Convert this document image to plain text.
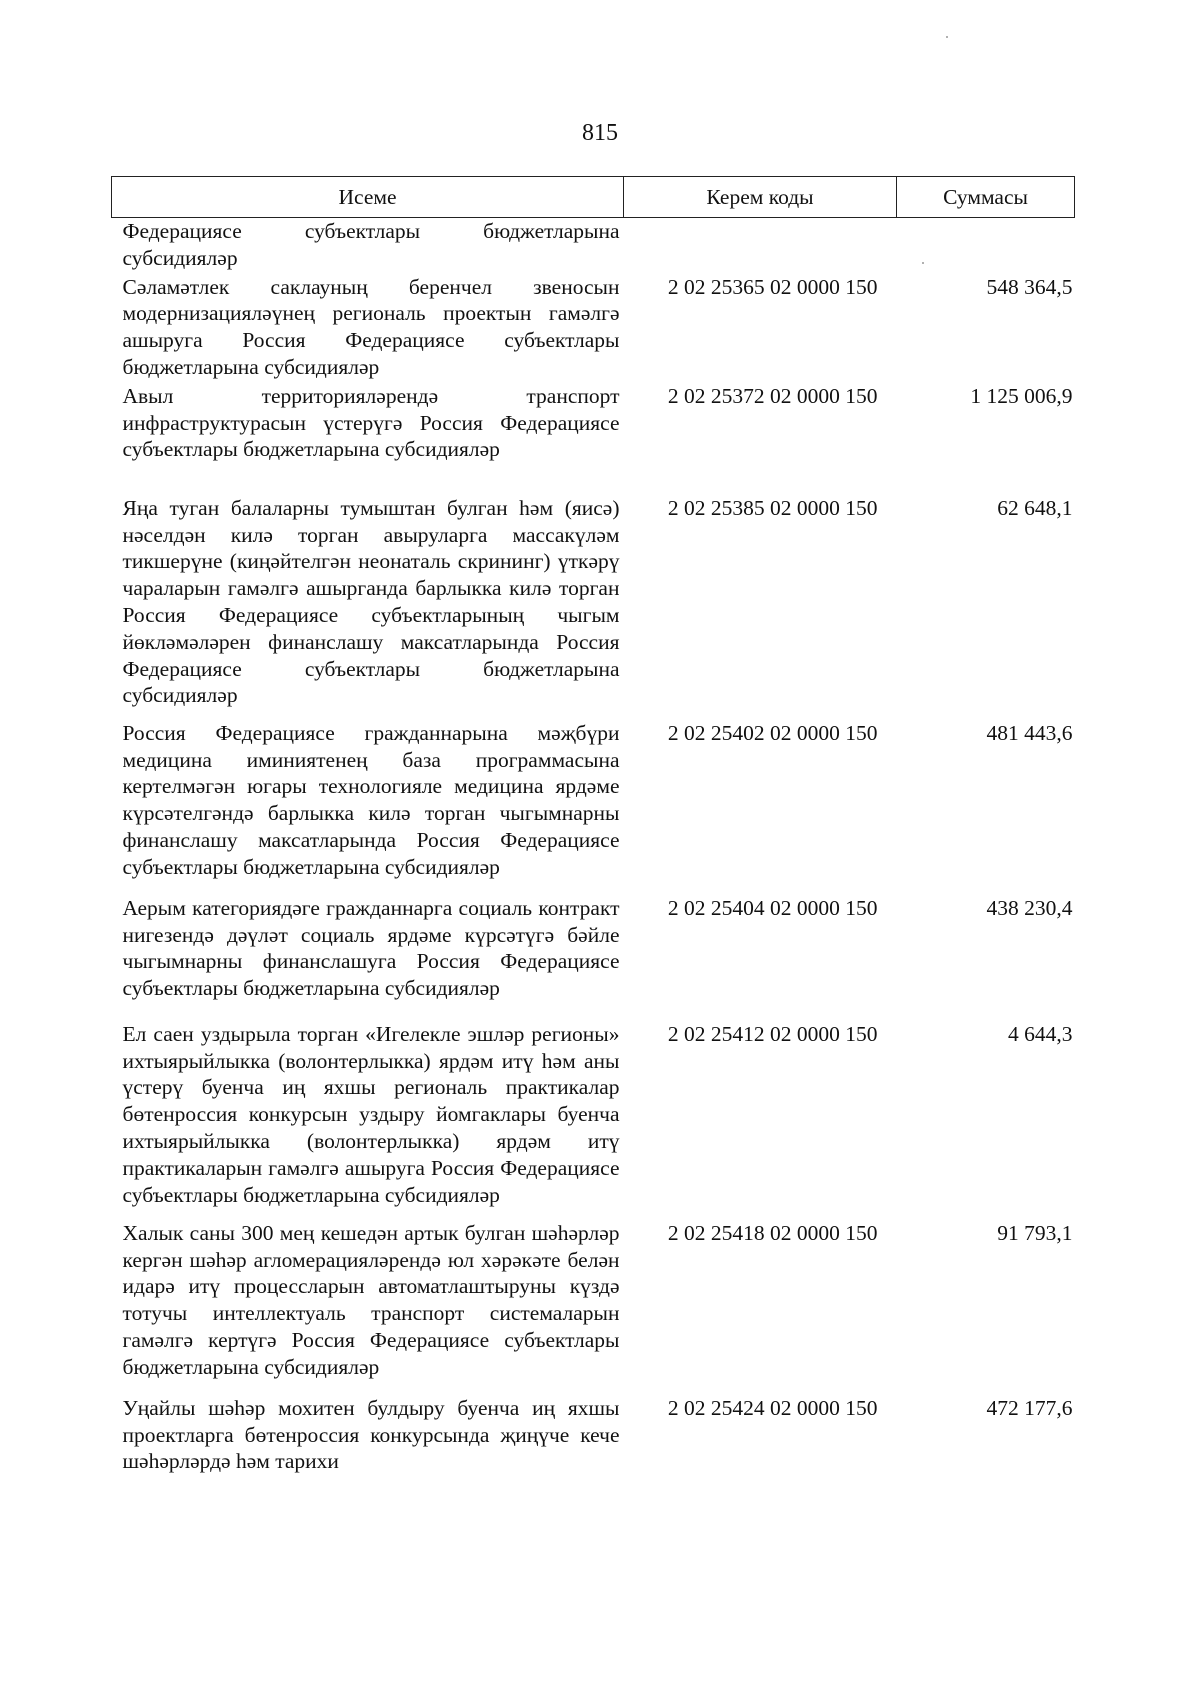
815
Исеме	Керем коды	Суммасы
Федерациясе субъектлары бюджетларына субсидияләр		
Сәламәтлек саклауның беренчел звеносын модернизацияләүнең региональ проектын гамәлгә ашыруга Россия Федерациясе субъектлары бюджетларына субсидияләр	2 02 25365 02 0000 150	548 364,5
Авыл территорияләрендә транспорт инфраструктурасын үстерүгә Россия Федерациясе субъектлары бюджетларына субсидияләр	2 02 25372 02 0000 150	1 125 006,9
Яңа туган балаларны тумыштан булган һәм (яисә) нәселдән килә торган авыруларга массакүләм тикшерүне (киңәйтелгән неонаталь скрининг) үткәрү чараларын гамәлгә ашырганда барлыкка килә торган Россия Федерациясе субъектларының чыгым йөкләмәләрен финанслашу максатларында Россия Федерациясе субъектлары бюджетларына субсидияләр	2 02 25385 02 0000 150	62 648,1
Россия Федерациясе гражданнарына мәҗбүри медицина иминиятенең база программасына кертелмәгән югары технологияле медицина ярдәме күрсәтелгәндә барлыкка килә торган чыгымнарны финанслашу максатларында Россия Федерациясе субъектлары бюджетларына субсидияләр	2 02 25402 02 0000 150	481 443,6
Аерым категориядәге гражданнарга социаль контракт нигезендә дәүләт социаль ярдәме күрсәтүгә бәйле чыгымнарны финанслашуга Россия Федерациясе субъектлары бюджетларына субсидияләр	2 02 25404 02 0000 150	438 230,4
Ел саен уздырыла торган «Игелекле эшләр регионы» ихтыярыйлыкка (волонтерлыкка) ярдәм итү һәм аны үстерү буенча иң яхшы региональ практикалар бөтенроссия конкурсын уздыру йомгаклары буенча ихтыярыйлыкка (волонтерлыкка) ярдәм итү практикаларын гамәлгә ашыруга Россия Федерациясе субъектлары бюджетларына субсидияләр	2 02 25412 02 0000 150	4 644,3
Халык саны 300 мең кешедән артык булган шәһәрләр кергән шәһәр агломерацияләрендә юл хәрәкәте белән идарә итү процессларын автоматлаштыруны күздә тотучы интеллектуаль транспорт системаларын гамәлгә кертүгә Россия Федерациясе субъектлары бюджетларына субсидияләр	2 02 25418 02 0000 150	91 793,1
Уңайлы шәһәр мохитен булдыру буенча иң яхшы проектларга бөтенроссия конкурсында җиңүче кече шәһәрләрдә һәм тарихи	2 02 25424 02 0000 150	472 177,6
